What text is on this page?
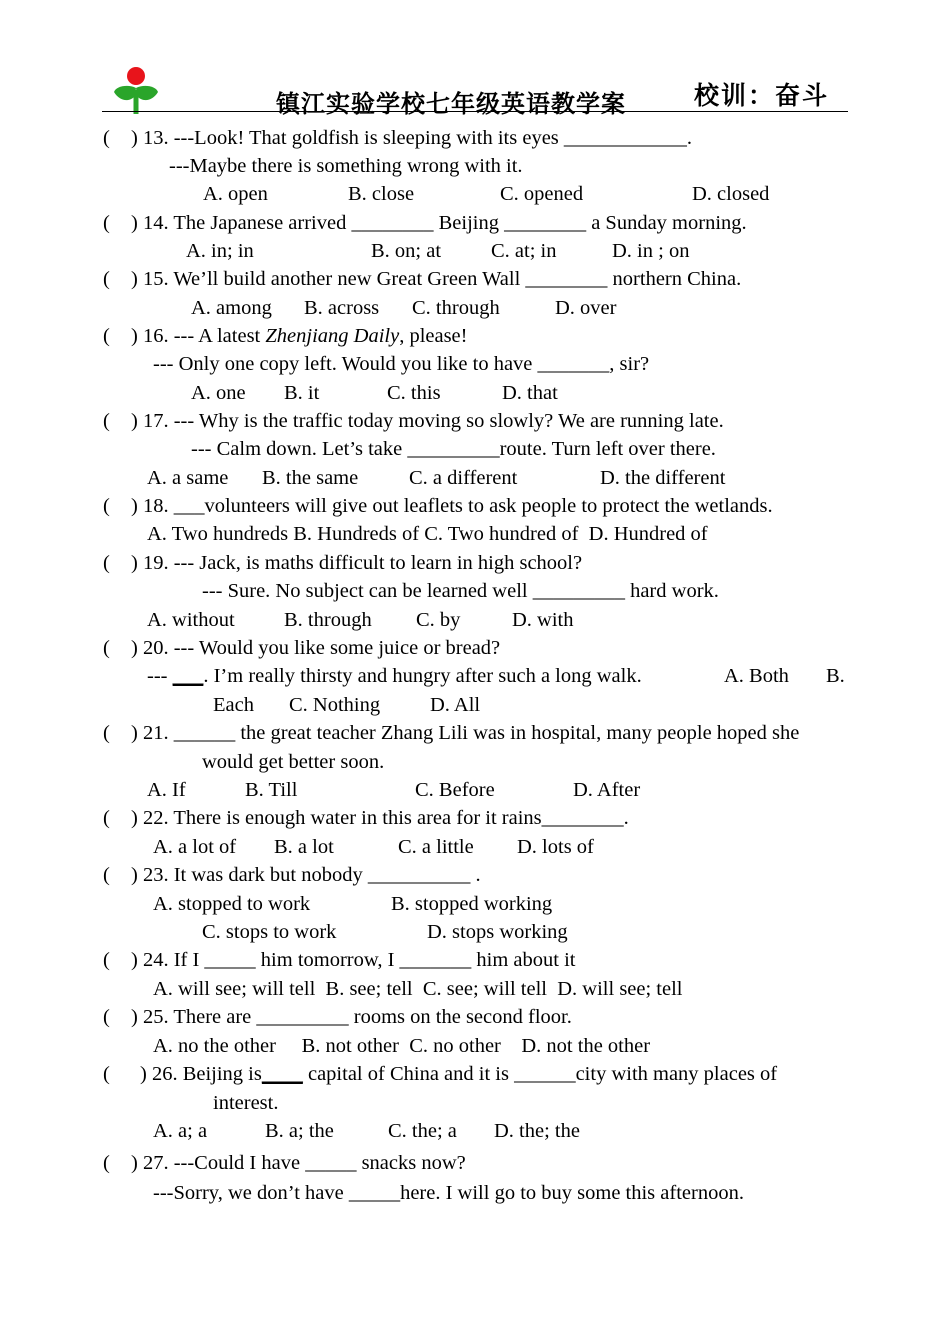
镇江实验学校七年级英语教学案	校训：奋斗
( ) 13. ---Look! That goldfish is sleeping with its eyes ____________.
---Maybe there is something wrong with it.
A. open	B. close	C. opened	D. closed
( ) 14. The Japanese arrived ________ Beijing ________ a Sunday morning.
A. in; in	B. on; at C. at; in	D. in ; on
( ) 15. We’ll build another new Great Green Wall ________ northern China.
A. among B. across C. through	D. over
( ) 16. --- A latest Zhenjiang Daily, please!
--- Only one copy left. Would you like to have _______, sir?
A. one B. it	C. this	D. that
( ) 17. --- Why is the traffic today moving so slowly? We are running late.
--- Calm down. Let’s take _________route. Turn left over there.
A. a same B. the same C. a different	D. the different
( ) 18. ___volunteers will give out leaflets to ask people to protect the wetlands.
A. Two hundreds B. Hundreds of C. Two hundred of  D. Hundred of
( ) 19. --- Jack, is maths difficult to learn in high school?
--- Sure. No subject can be learned well _________ hard work.
A. without B. through C. by	D. with
( ) 20. --- Would you like some juice or bread?
--- ___. I’m really thirsty and hungry after such a long walk.	A. Both B.
Each C. Nothing D. All
( ) 21. ______ the great teacher Zhang Lili was in hospital, many people hoped she
would get better soon.
A. If	B. Till	C. Before	D. After
( ) 22. There is enough water in this area for it rains________.
A. a lot of B. a lot	C. a little D. lots of
( ) 23. It was dark but nobody __________ .
A. stopped to work	B. stopped working
C. stops to work	D. stops working
( ) 24. If I _____ him tomorrow, I _______ him about it
A. will see; will tell  B. see; tell  C. see; will tell  D. will see; tell
( ) 25. There are _________ rooms on the second floor.
A. no the other     B. not other  C. no other    D. not the other
( ) 26. Beijing is____ capital of China and it is ______city with many places of
interest.
A. a; a	B. a; the	C. the; a D. the; the
( ) 27. ---Could I have _____ snacks now?
---Sorry, we don’t have _____here. I will go to buy some this afternoon.
